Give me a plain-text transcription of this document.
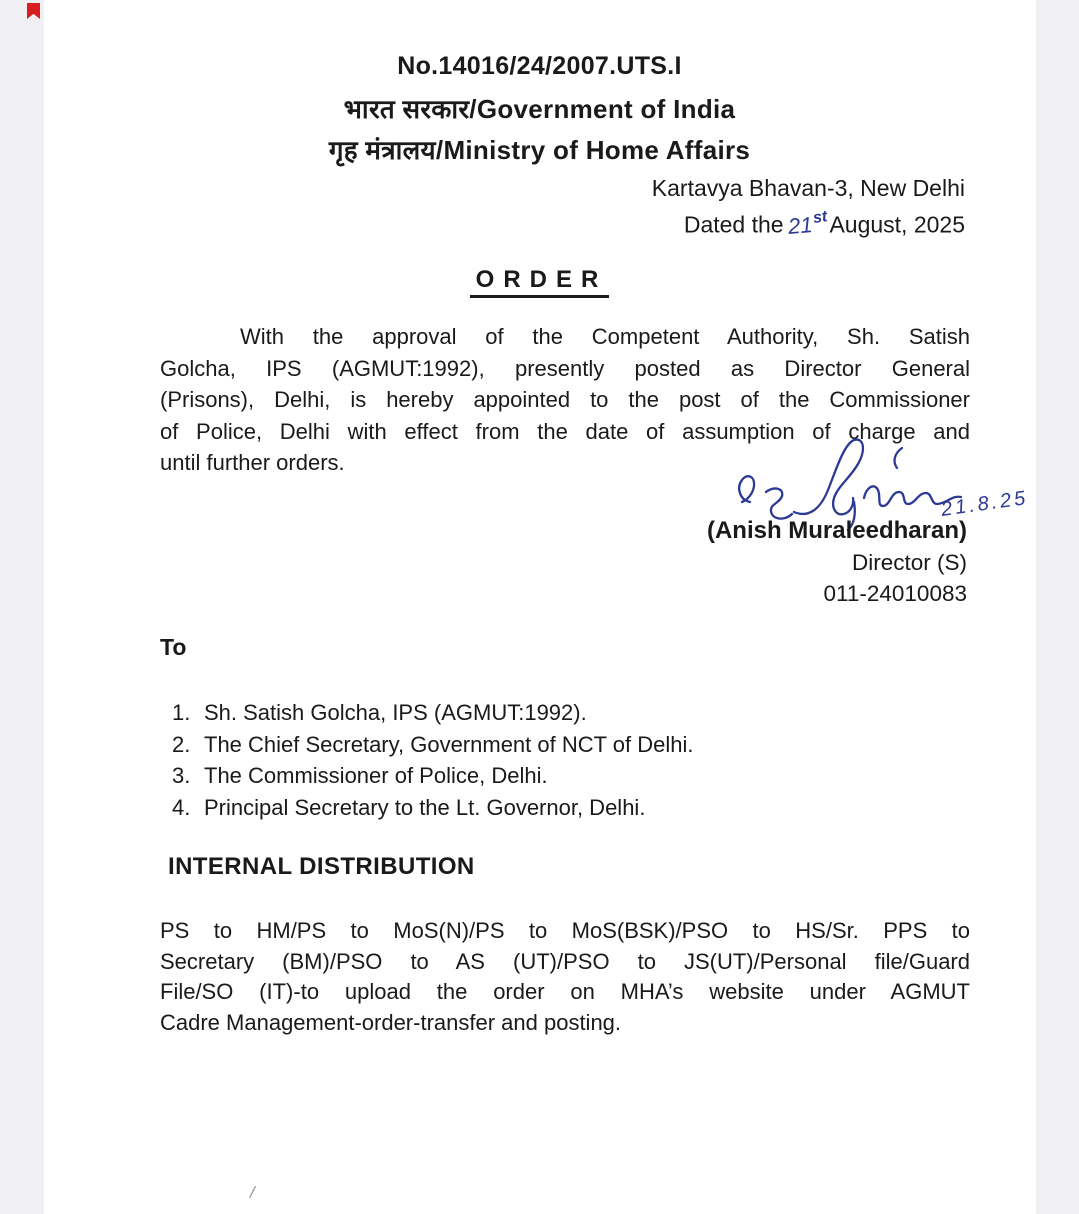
No.14016/24/2007.UTS.I
भारत सरकार/Government of India
गृह मंत्रालय/Ministry of Home Affairs
Kartavya Bhavan-3, New Delhi
Dated the 21st August, 2025
ORDER
With the approval of the Competent Authority, Sh. Satish
Golcha, IPS (AGMUT:1992), presently posted as Director General
(Prisons), Delhi, is hereby appointed to the post of the Commissioner
of Police, Delhi with effect from the date of assumption of charge and
until further orders.
21.8.25
(Anish Muraleedharan)
Director (S)
011-24010083
To
1. Sh. Satish Golcha, IPS (AGMUT:1992).
2. The Chief Secretary, Government of NCT of Delhi.
3. The Commissioner of Police, Delhi.
4. Principal Secretary to the Lt. Governor, Delhi.
INTERNAL DISTRIBUTION
PS to HM/PS to MoS(N)/PS to MoS(BSK)/PSO to HS/Sr. PPS to
Secretary (BM)/PSO to AS (UT)/PSO to JS(UT)/Personal file/Guard
File/SO (IT)-to upload the order on MHA’s website under AGMUT
Cadre Management-order-transfer and posting.
/
